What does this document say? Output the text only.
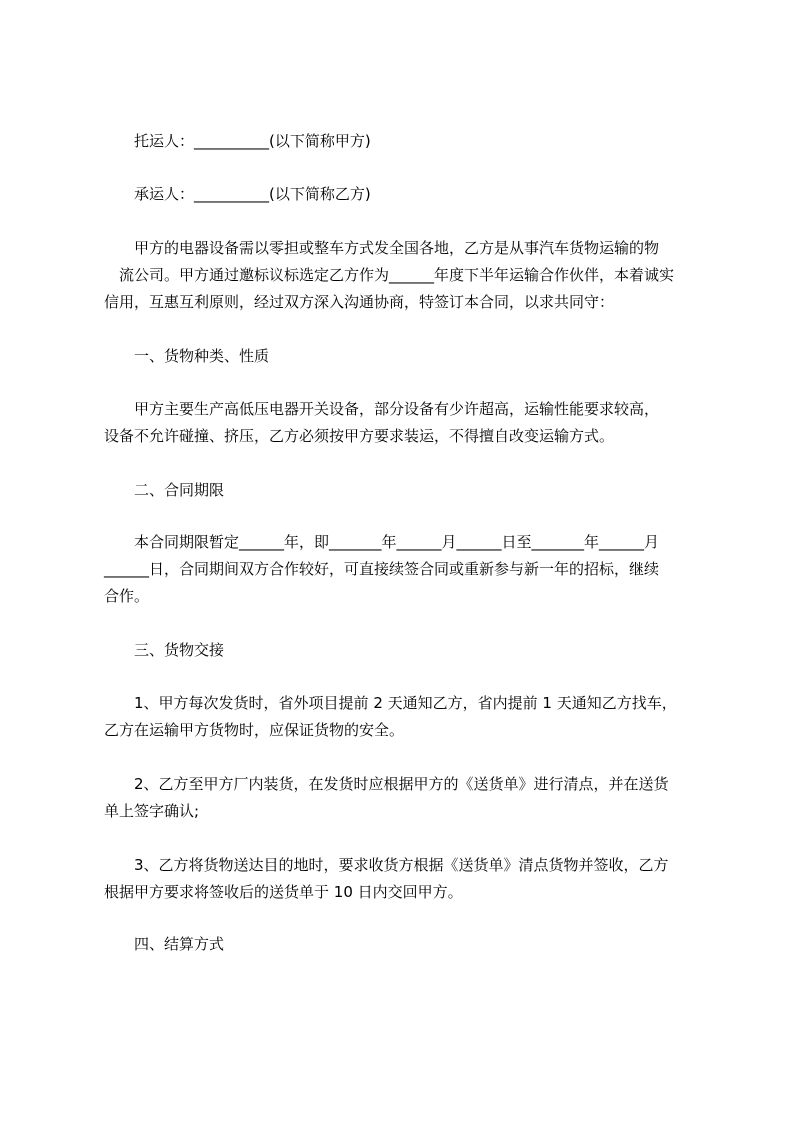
　　托运人：__________(以下简称甲方)
　　承运人：__________(以下简称乙方)
　　甲方的电器设备需以零担或整车方式发全国各地，乙方是从事汽车货物运输的物
　流公司。甲方通过邀标议标选定乙方作为______年度下半年运输合作伙伴，本着诚实
信用，互惠互利原则，经过双方深入沟通协商，特签订本合同，以求共同守：
　　一、货物种类、性质
　　甲方主要生产高低压电器开关设备，部分设备有少许超高，运输性能要求较高，
设备不允许碰撞、挤压，乙方必须按甲方要求装运，不得擅自改变运输方式。
　　二、合同期限
　　本合同期限暂定______年，即_______年______月______日至_______年______月
______日，合同期间双方合作较好，可直接续签合同或重新参与新一年的招标，继续
合作。
　　三、货物交接
　　1、甲方每次发货时，省外项目提前 2 天通知乙方，省内提前 1 天通知乙方找车，
乙方在运输甲方货物时，应保证货物的安全。
　　2、乙方至甲方厂内装货，在发货时应根据甲方的《送货单》进行清点，并在送货
单上签字确认;
　　3、乙方将货物送达目的地时，要求收货方根据《送货单》清点货物并签收，乙方
根据甲方要求将签收后的送货单于 10 日内交回甲方。
　　四、结算方式
